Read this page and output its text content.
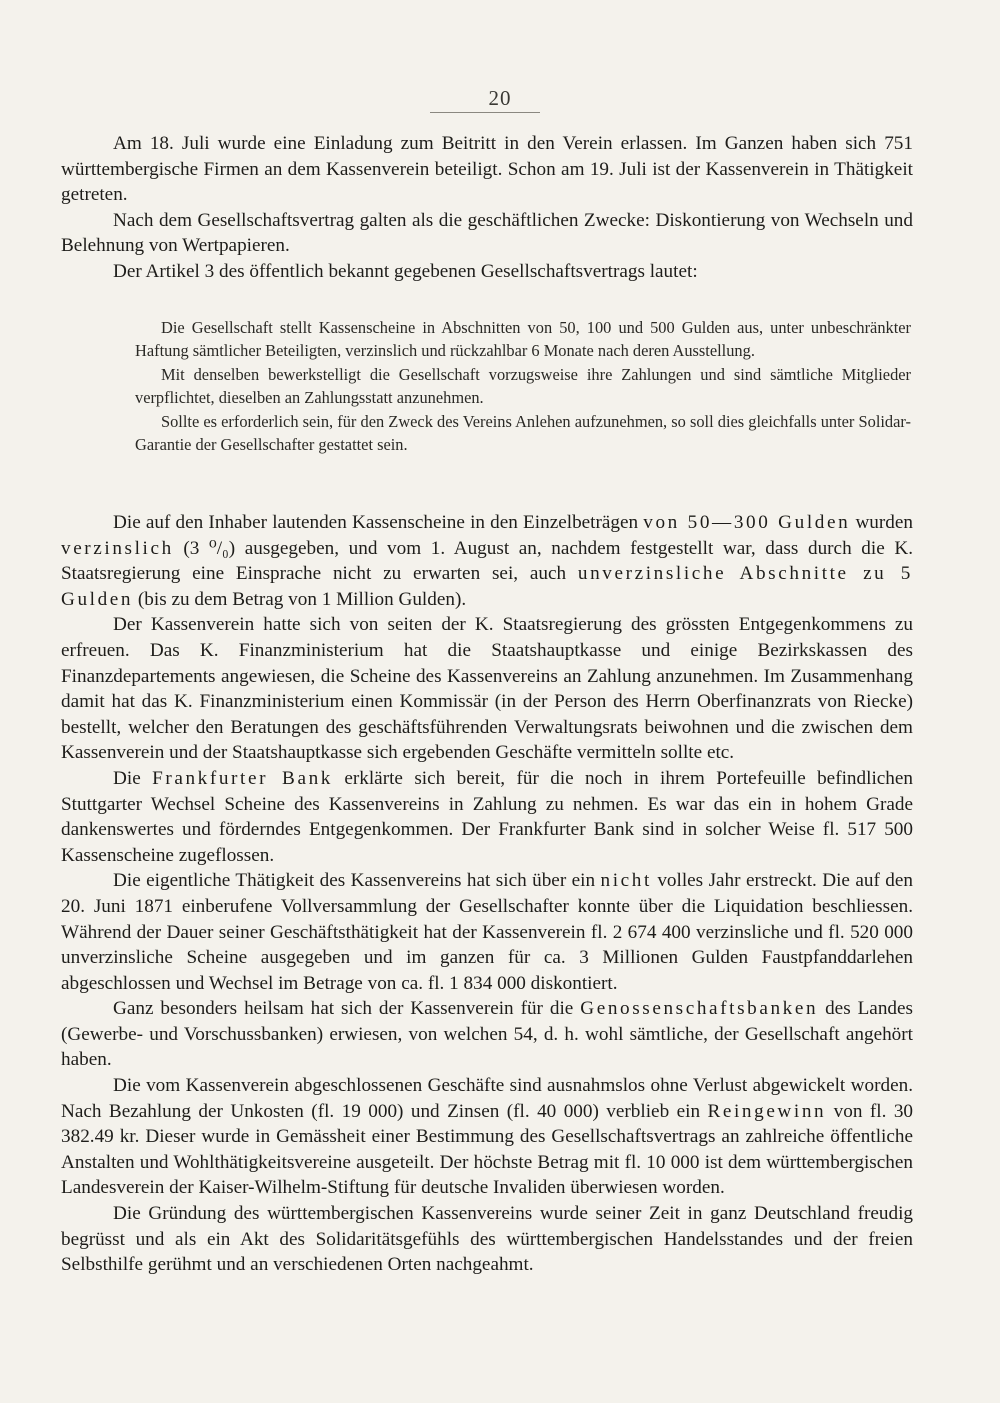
20

Am 18. Juli wurde eine Einladung zum Beitritt in den Verein erlassen. Im Ganzen haben sich 751 württembergische Firmen an dem Kassenverein beteiligt. Schon am 19. Juli ist der Kassenverein in Thätigkeit getreten.

Nach dem Gesellschaftsvertrag galten als die geschäftlichen Zwecke: Diskontierung von Wechseln und Belehnung von Wertpapieren.

Der Artikel 3 des öffentlich bekannt gegebenen Gesellschaftsvertrags lautet:

Die Gesellschaft stellt Kassenscheine in Abschnitten von 50, 100 und 500 Gulden aus, unter unbeschränkter Haftung sämtlicher Beteiligten, verzinslich und rückzahlbar 6 Monate nach deren Ausstellung.

Mit denselben bewerkstelligt die Gesellschaft vorzugsweise ihre Zahlungen und sind sämtliche Mitglieder verpflichtet, dieselben an Zahlungsstatt anzunehmen.

Sollte es erforderlich sein, für den Zweck des Vereins Anlehen aufzunehmen, so soll dies gleichfalls unter Solidar-Garantie der Gesellschafter gestattet sein.

Die auf den Inhaber lautenden Kassenscheine in den Einzelbeträgen von 50—300 Gulden wurden verzinslich (3 ⁰/₀) ausgegeben, und vom 1. August an, nachdem festgestellt war, dass durch die K. Staatsregierung eine Einsprache nicht zu erwarten sei, auch unverzinsliche Abschnitte zu 5 Gulden (bis zu dem Betrag von 1 Million Gulden).

Der Kassenverein hatte sich von seiten der K. Staatsregierung des grössten Entgegenkommens zu erfreuen. Das K. Finanzministerium hat die Staatshauptkasse und einige Bezirkskassen des Finanzdepartements angewiesen, die Scheine des Kassenvereins an Zahlung anzunehmen. Im Zusammenhang damit hat das K. Finanzministerium einen Kommissär (in der Person des Herrn Oberfinanzrats von Riecke) bestellt, welcher den Beratungen des geschäftsführenden Verwaltungsrats beiwohnen und die zwischen dem Kassenverein und der Staatshauptkasse sich ergebenden Geschäfte vermitteln sollte etc.

Die Frankfurter Bank erklärte sich bereit, für die noch in ihrem Portefeuille befindlichen Stuttgarter Wechsel Scheine des Kassenvereins in Zahlung zu nehmen. Es war das ein in hohem Grade dankenswertes und förderndes Entgegenkommen. Der Frankfurter Bank sind in solcher Weise fl. 517 500 Kassenscheine zugeflossen.

Die eigentliche Thätigkeit des Kassenvereins hat sich über ein nicht volles Jahr erstreckt. Die auf den 20. Juni 1871 einberufene Vollversammlung der Gesellschafter konnte über die Liquidation beschliessen. Während der Dauer seiner Geschäftsthätigkeit hat der Kassenverein fl. 2 674 400 verzinsliche und fl. 520 000 unverzinsliche Scheine ausgegeben und im ganzen für ca. 3 Millionen Gulden Faustpfanddarlehen abgeschlossen und Wechsel im Betrage von ca. fl. 1 834 000 diskontiert.

Ganz besonders heilsam hat sich der Kassenverein für die Genossenschaftsbanken des Landes (Gewerbe- und Vorschussbanken) erwiesen, von welchen 54, d. h. wohl sämtliche, der Gesellschaft angehört haben.

Die vom Kassenverein abgeschlossenen Geschäfte sind ausnahmslos ohne Verlust abgewickelt worden. Nach Bezahlung der Unkosten (fl. 19 000) und Zinsen (fl. 40 000) verblieb ein Reingewinn von fl. 30 382.49 kr. Dieser wurde in Gemässheit einer Bestimmung des Gesellschaftsvertrags an zahlreiche öffentliche Anstalten und Wohlthätigkeitsvereine ausgeteilt. Der höchste Betrag mit fl. 10 000 ist dem württembergischen Landesverein der Kaiser-Wilhelm-Stiftung für deutsche Invaliden überwiesen worden.

Die Gründung des württembergischen Kassenvereins wurde seiner Zeit in ganz Deutschland freudig begrüsst und als ein Akt des Solidaritätsgefühls des württembergischen Handelsstandes und der freien Selbsthilfe gerühmt und an verschiedenen Orten nachgeahmt.
